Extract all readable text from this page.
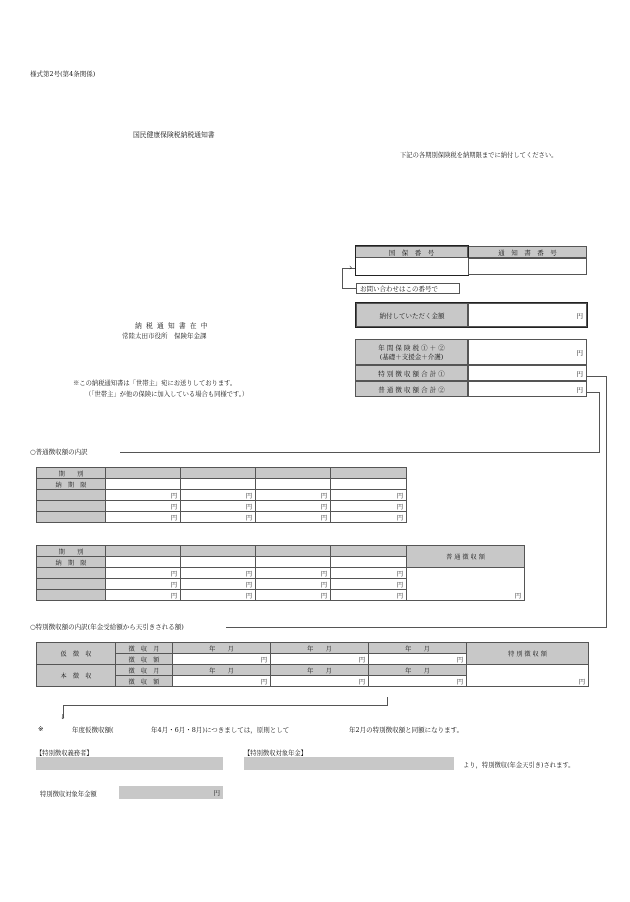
様式第2号(第4条関係)
国民健康保険税納税通知書
下記の各期別保険税を納期限までに納付してください。
国　保　番　号	通　知　書　番　号
›
お問い合わせはこの番号で
納 税 通 知 書 在 中
常陸太田市役所　保険年金課
※この納税通知書は「世帯主」宛にお送りしております。
（「世帯主」が他の保険に加入している場合も同様です。）
納付していただく金額	円
年 間 保 険 税 ① ＋ ②
(基礎＋支援金＋介護)
円
特 別 徴 収 額 合 計 ①	円
普 通 徴 収 額 合 計 ②	円
○普通徴収額の内訳
期　　別				
納　期　限				
	円	円	円	円
	円	円	円	円
	円	円	円	円
期　　別					普 通 徴 収 額
納　期　限					
	円	円	円	円	円
	円	円	円	円	
	円	円	円	円	
○特別徴収額の内訳(年金受給額から天引きされる額)
仮　徴　収	徴　収　月	年　　月	年　　月	年　　月	特 別 徴 収 額
	徴　収　額	円	円	円	
本　徴　収	徴　収　月	年　　月	年　　月	年　　月	円
	徴　収　額	円	円	円	
↓
※	年度仮徴収額(	年4月・6月・8月)につきましては，原則として	年2月の特別徴収額と同額になります。
【特別徴収義務者】	【特別徴収対象年金】
より，特別徴収(年金天引き)されます。
特別徴収対象年金額	円
